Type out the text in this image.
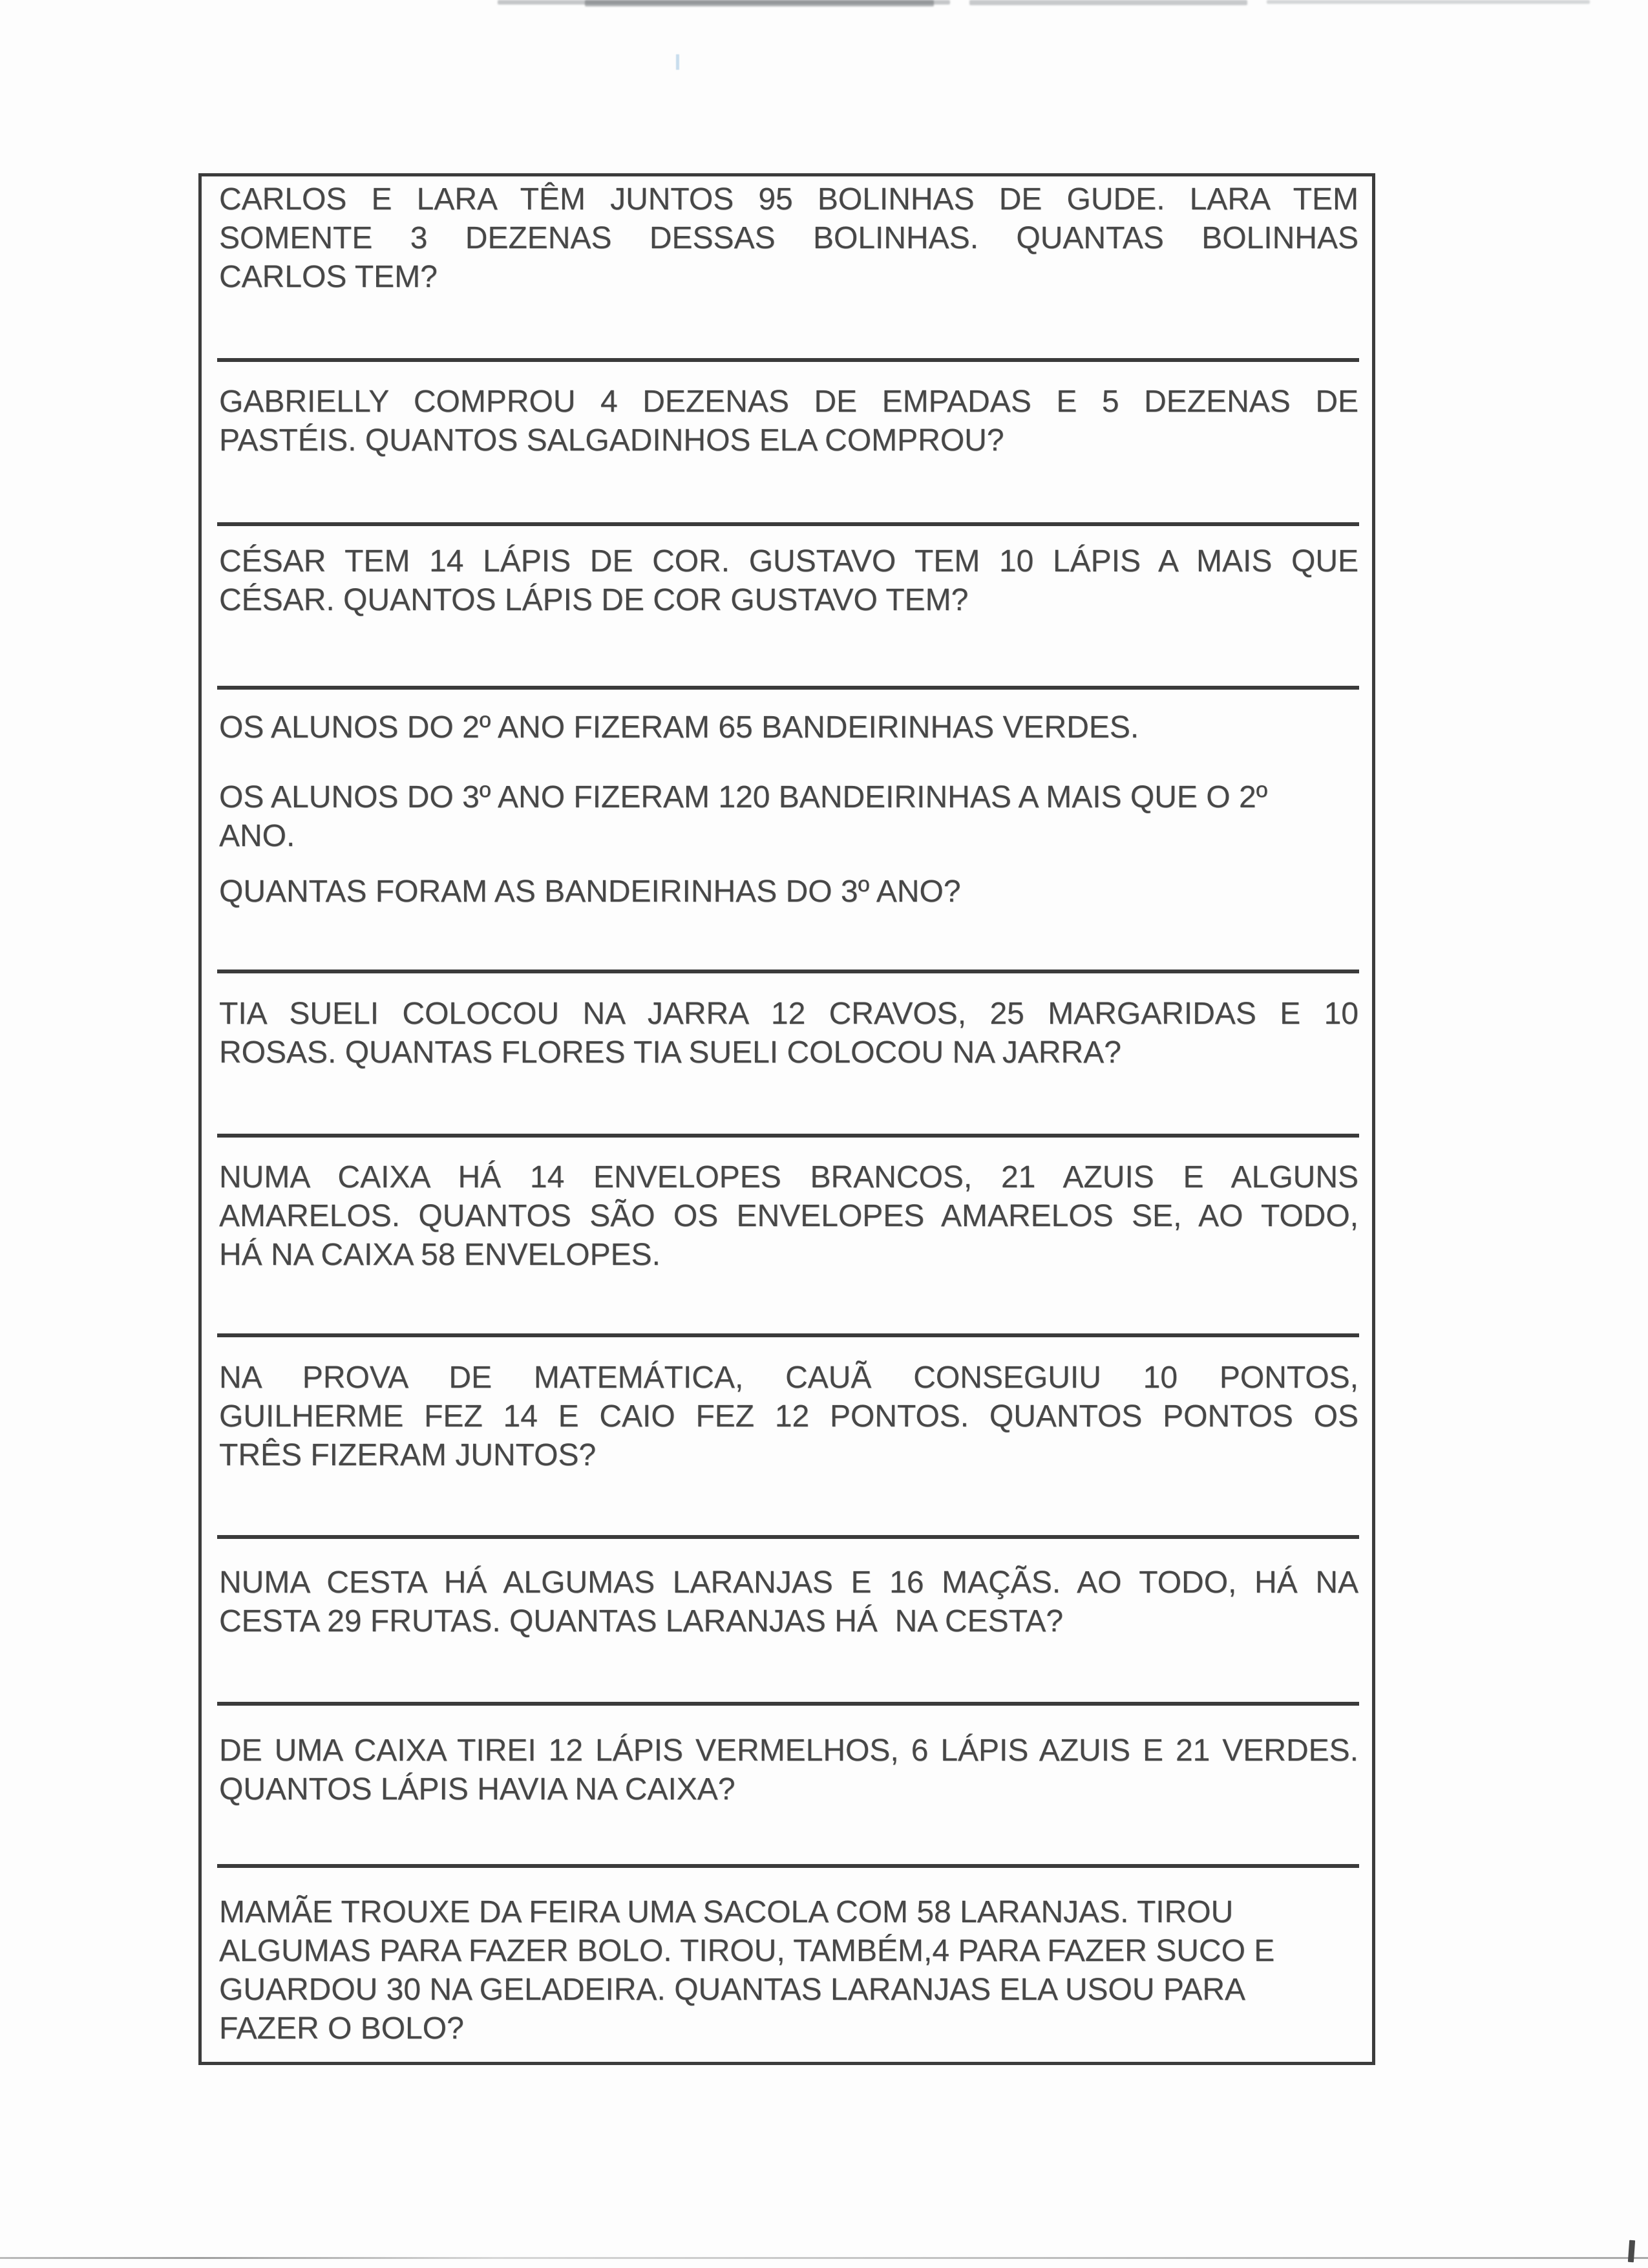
CARLOS E LARA TÊM JUNTOS 95 BOLINHAS DE GUDE. LARA TEM
SOMENTE 3 DEZENAS DESSAS BOLINHAS. QUANTAS BOLINHAS
CARLOS TEM?
GABRIELLY COMPROU 4 DEZENAS DE EMPADAS E 5 DEZENAS DE
PASTÉIS. QUANTOS SALGADINHOS ELA COMPROU?
CÉSAR TEM 14 LÁPIS DE COR. GUSTAVO TEM 10 LÁPIS A MAIS QUE
CÉSAR. QUANTOS LÁPIS DE COR GUSTAVO TEM?
OS ALUNOS DO 2º ANO FIZERAM 65 BANDEIRINHAS VERDES.
OS ALUNOS DO 3º ANO FIZERAM 120 BANDEIRINHAS A MAIS QUE O 2º
ANO.
QUANTAS FORAM AS BANDEIRINHAS DO 3º ANO?
TIA SUELI COLOCOU NA JARRA 12 CRAVOS, 25 MARGARIDAS E 10
ROSAS. QUANTAS FLORES TIA SUELI COLOCOU NA JARRA?
NUMA CAIXA HÁ 14 ENVELOPES BRANCOS, 21 AZUIS E ALGUNS
AMARELOS. QUANTOS SÃO OS ENVELOPES AMARELOS SE, AO TODO,
HÁ NA CAIXA 58 ENVELOPES.
NA PROVA DE MATEMÁTICA, CAUÃ CONSEGUIU 10 PONTOS,
GUILHERME FEZ 14 E CAIO FEZ 12 PONTOS. QUANTOS PONTOS OS
TRÊS FIZERAM JUNTOS?
NUMA CESTA HÁ ALGUMAS LARANJAS E 16 MAÇÃS. AO TODO, HÁ NA
CESTA 29 FRUTAS. QUANTAS LARANJAS HÁ  NA CESTA?
DE UMA CAIXA TIREI 12 LÁPIS VERMELHOS, 6 LÁPIS AZUIS E 21 VERDES.
QUANTOS LÁPIS HAVIA NA CAIXA?
MAMÃE TROUXE DA FEIRA UMA SACOLA COM 58 LARANJAS. TIROU
ALGUMAS PARA FAZER BOLO. TIROU, TAMBÉM,4 PARA FAZER SUCO E
GUARDOU 30 NA GELADEIRA. QUANTAS LARANJAS ELA USOU PARA
FAZER O BOLO?
